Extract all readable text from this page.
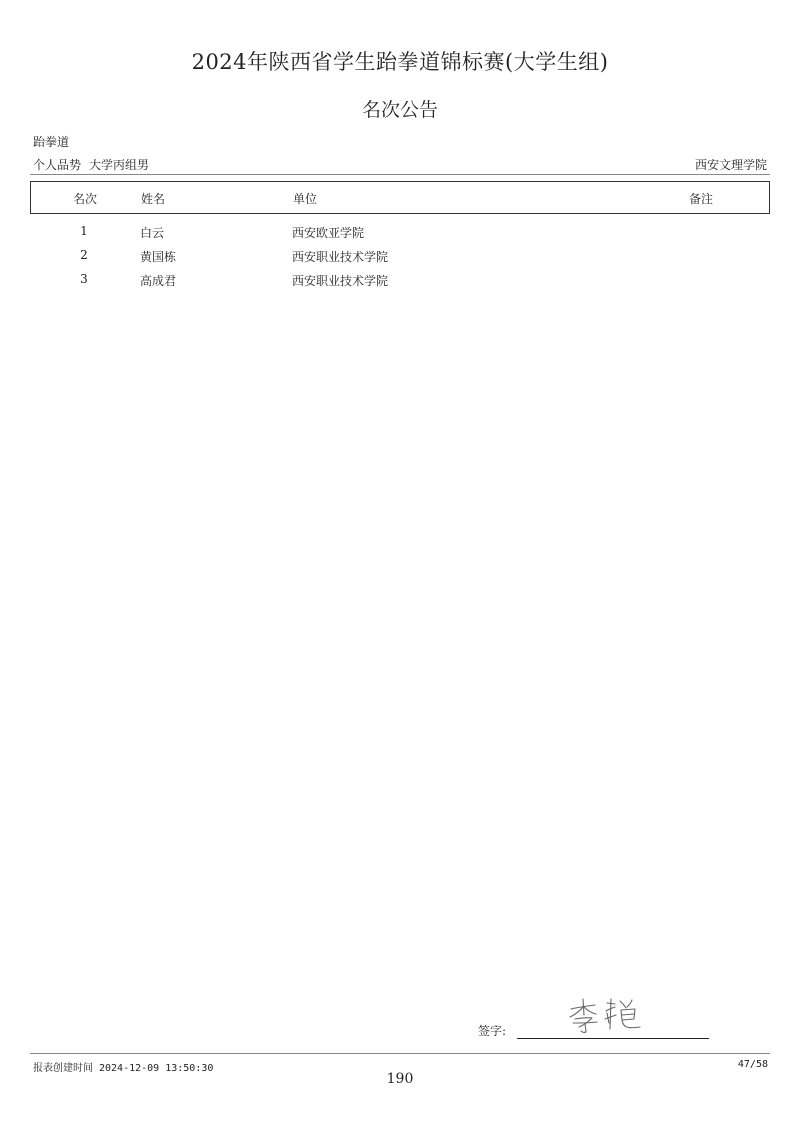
2024年陕西省学生跆拳道锦标赛(大学生组)
名次公告
跆拳道
个人品势 大学丙组男	西安文理学院
名次	姓名	单位	备注
1	白云	西安欧亚学院
2	黄国栋	西安职业技术学院
3	高成君	西安职业技术学院
签字:
报表创建时间 2024-12-09 13:50:30	47/58
190
